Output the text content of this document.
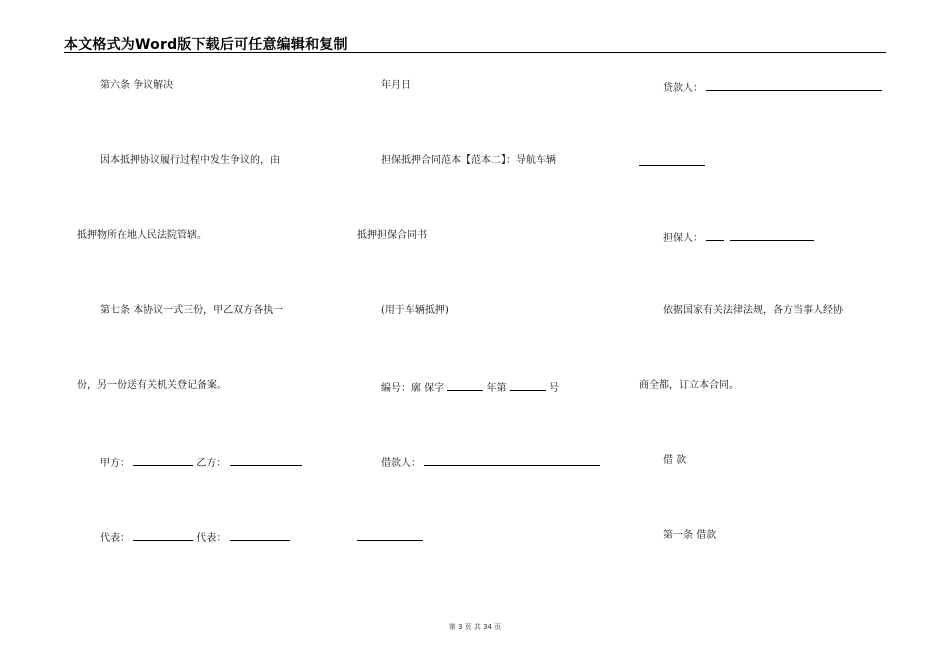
本文格式为Word版下载后可任意编辑和复制
第六条 争议解决
因本抵押协议履行过程中发生争议的，由
抵押物所在地人民法院管辖。
第七条 本协议一式三份，甲乙双方各执一
份，另一份送有关机关登记备案。
甲方：	乙方：
代表：	代表：
年月日
担保抵押合同范本【范本二】：导航车辆
抵押担保合同书
(用于车辆抵押)
编号：廓 保字	年第	号
借款人：
贷款人：
担保人：
依据国家有关法律法规，各方当事人经协
商全都，订立本合同。
借 款
第一条 借款
第 3 页 共 34 页
